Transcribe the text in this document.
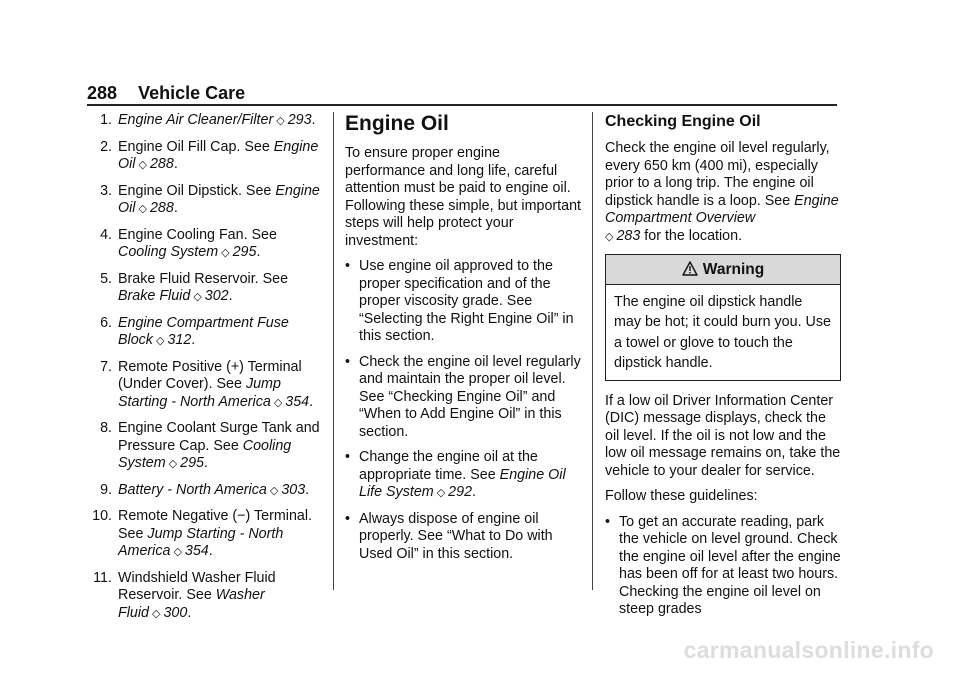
288 Vehicle Care
1. Engine Air Cleaner/Filter ◇ 293.
2. Engine Oil Fill Cap. See Engine Oil ◇ 288.
3. Engine Oil Dipstick. See Engine Oil ◇ 288.
4. Engine Cooling Fan. See Cooling System ◇ 295.
5. Brake Fluid Reservoir. See Brake Fluid ◇ 302.
6. Engine Compartment Fuse Block ◇ 312.
7. Remote Positive (+) Terminal (Under Cover). See Jump Starting - North America ◇ 354.
8. Engine Coolant Surge Tank and Pressure Cap. See Cooling System ◇ 295.
9. Battery - North America ◇ 303.
10. Remote Negative (−) Terminal. See Jump Starting - North America ◇ 354.
11. Windshield Washer Fluid Reservoir. See Washer Fluid ◇ 300.
Engine Oil

To ensure proper engine performance and long life, careful attention must be paid to engine oil. Following these simple, but important steps will help protect your investment:

• Use engine oil approved to the proper specification and of the proper viscosity grade. See “Selecting the Right Engine Oil” in this section.
• Check the engine oil level regularly and maintain the proper oil level. See “Checking Engine Oil” and “When to Add Engine Oil” in this section.
• Change the engine oil at the appropriate time. See Engine Oil Life System ◇ 292.
• Always dispose of engine oil properly. See “What to Do with Used Oil” in this section.
Checking Engine Oil

Check the engine oil level regularly, every 650 km (400 mi), especially prior to a long trip. The engine oil dipstick handle is a loop. See Engine Compartment Overview
◇ 283 for the location.

Warning
The engine oil dipstick handle may be hot; it could burn you. Use a towel or glove to touch the dipstick handle.

If a low oil Driver Information Center (DIC) message displays, check the oil level. If the oil is not low and the low oil message remains on, take the vehicle to your dealer for service.

Follow these guidelines:

• To get an accurate reading, park the vehicle on level ground. Check the engine oil level after the engine has been off for at least two hours. Checking the engine oil level on steep grades
carmanualsonline.info
